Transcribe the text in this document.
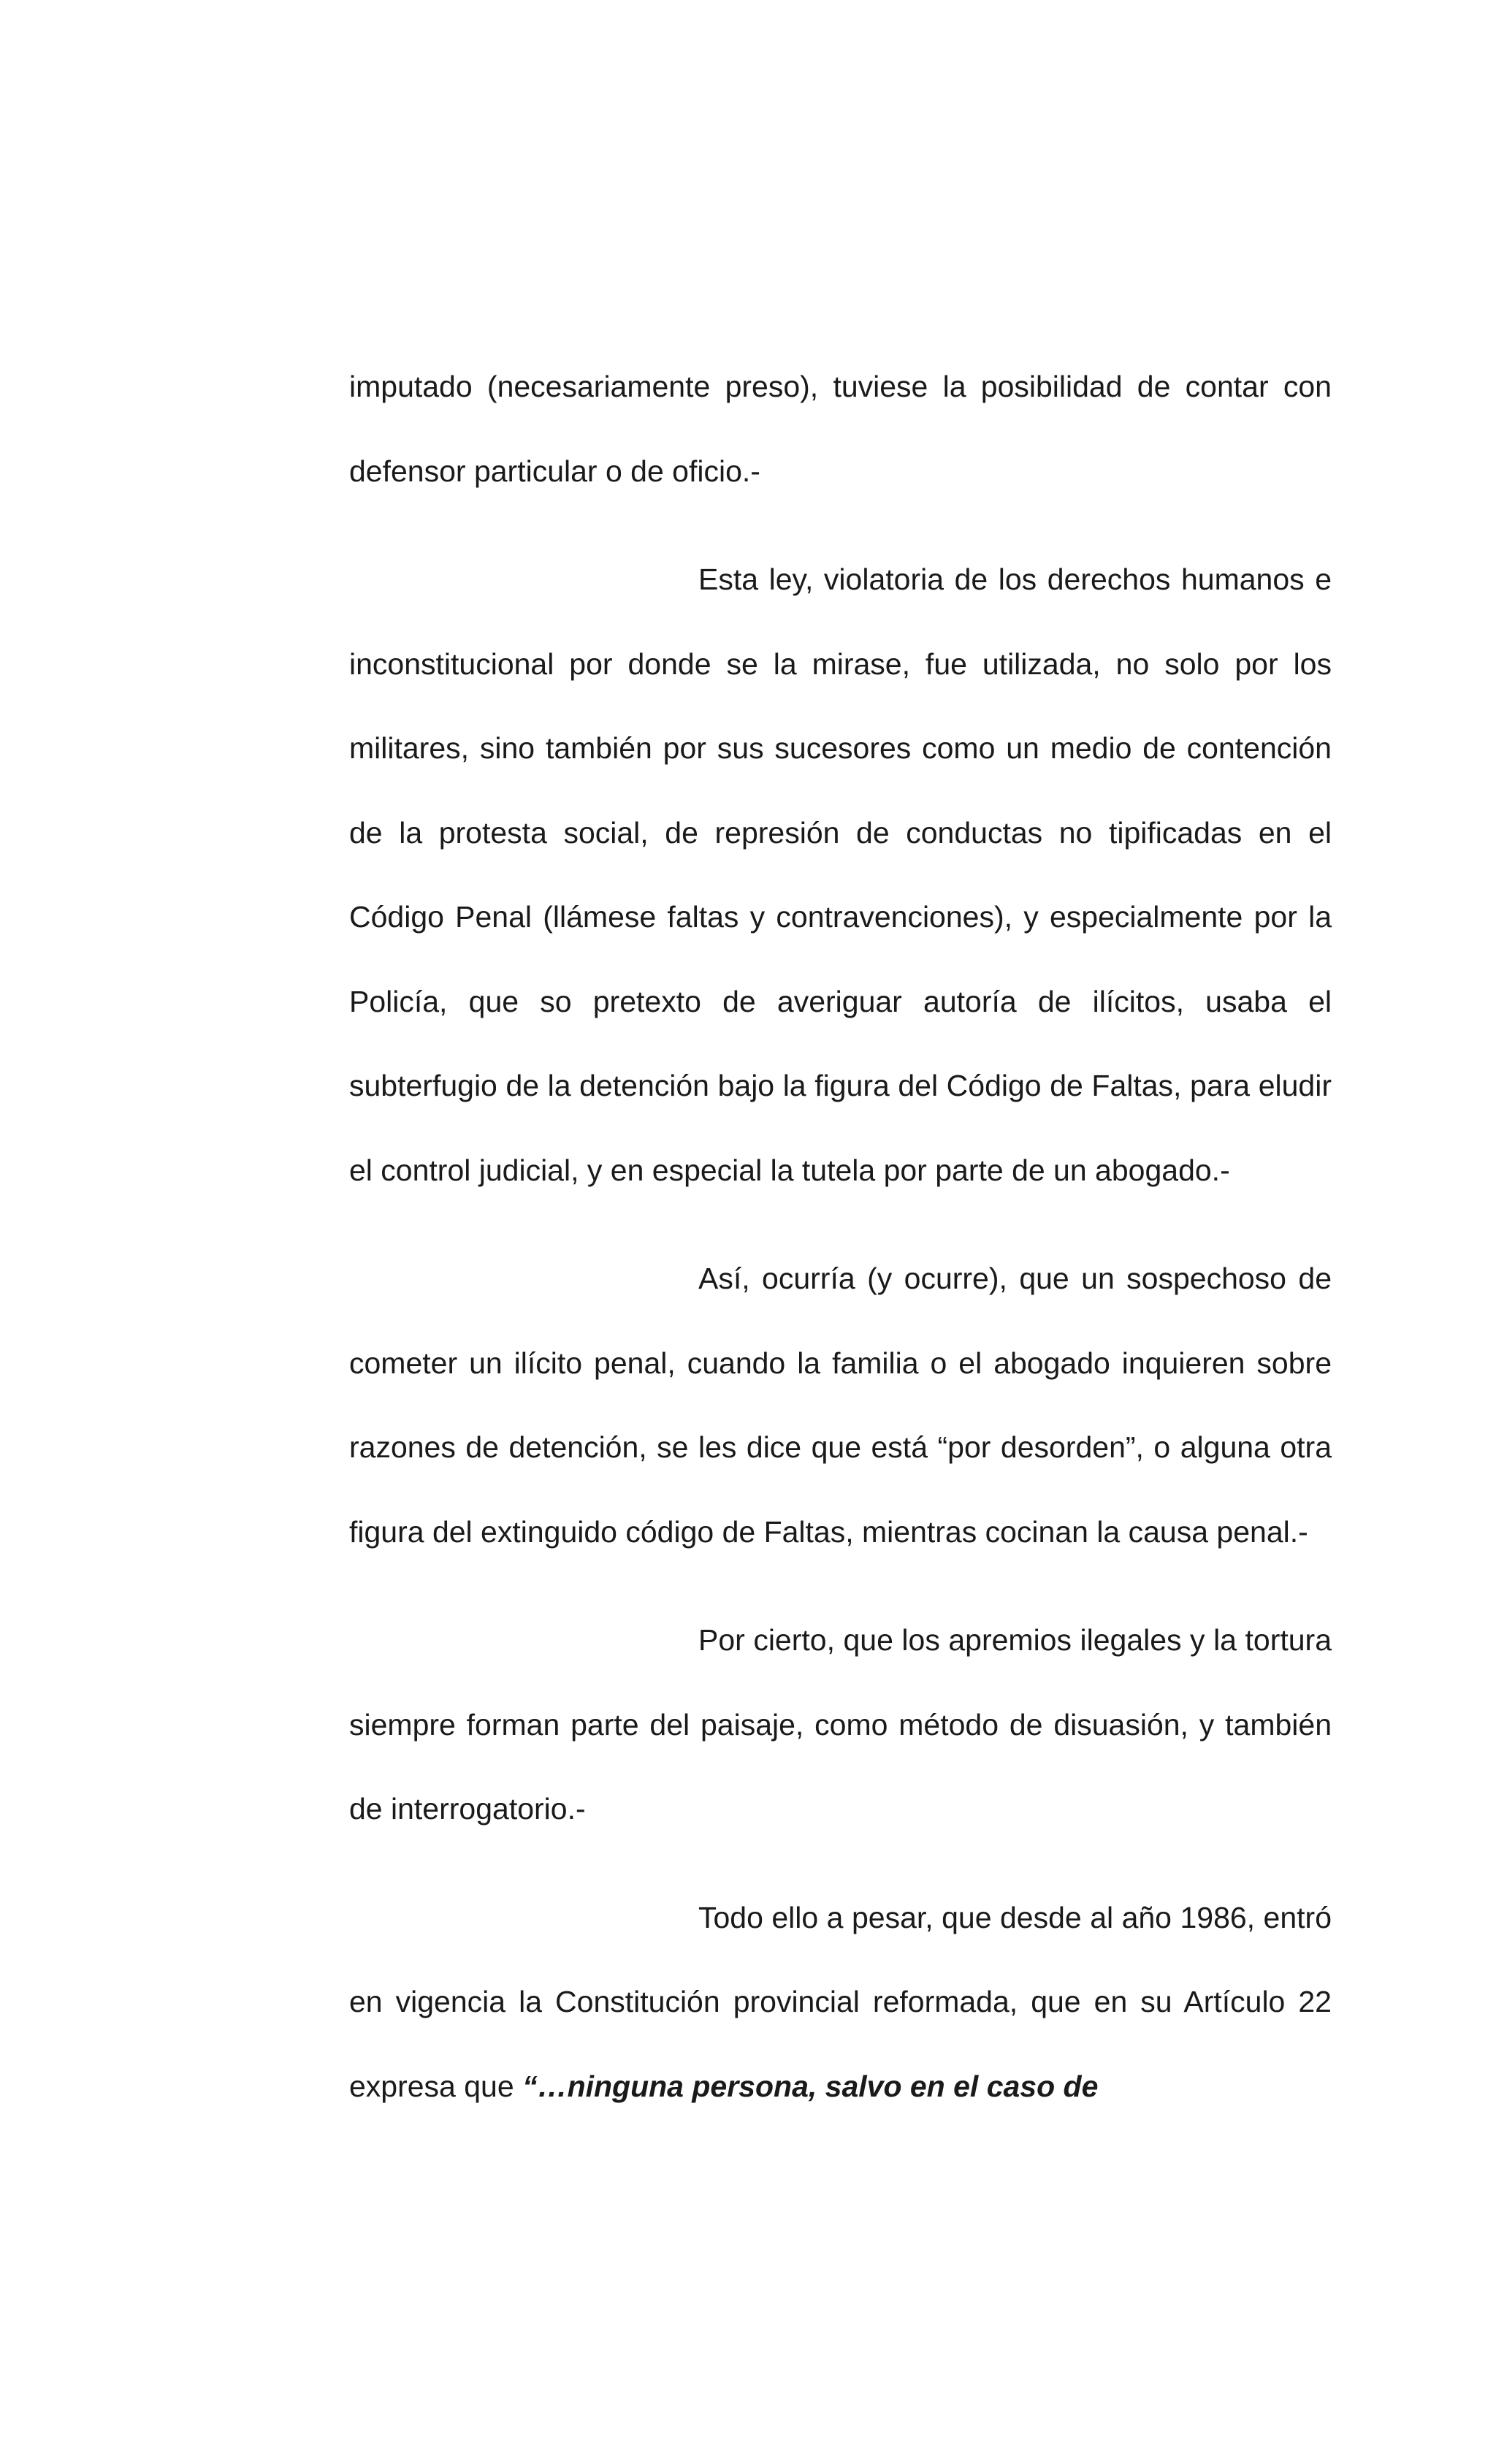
imputado (necesariamente preso), tuviese la posibilidad de contar con defensor particular o de oficio.-

Esta ley, violatoria de los derechos humanos e inconstitucional por donde se la mirase, fue utilizada, no solo por los militares, sino también por sus sucesores como un medio de contención de la protesta social, de represión de conductas no tipificadas en el Código Penal (llámese faltas y contravenciones), y especialmente por la Policía, que so pretexto de averiguar autoría de ilícitos, usaba el subterfugio de la detención bajo la figura del Código de Faltas, para eludir el control judicial, y en especial la tutela por parte de un abogado.-

Así, ocurría (y ocurre), que un sospechoso de cometer un ilícito penal, cuando la familia o el abogado inquieren sobre razones de detención, se les dice que está “por desorden”, o alguna otra figura del extinguido código de Faltas, mientras cocinan la causa penal.-

Por cierto, que los apremios ilegales y la tortura siempre forman parte del paisaje, como método de disuasión, y también de interrogatorio.-

Todo ello a pesar, que desde al año 1986, entró en vigencia la Constitución provincial reformada, que en su Artículo 22 expresa que “…ninguna persona, salvo en el caso de
